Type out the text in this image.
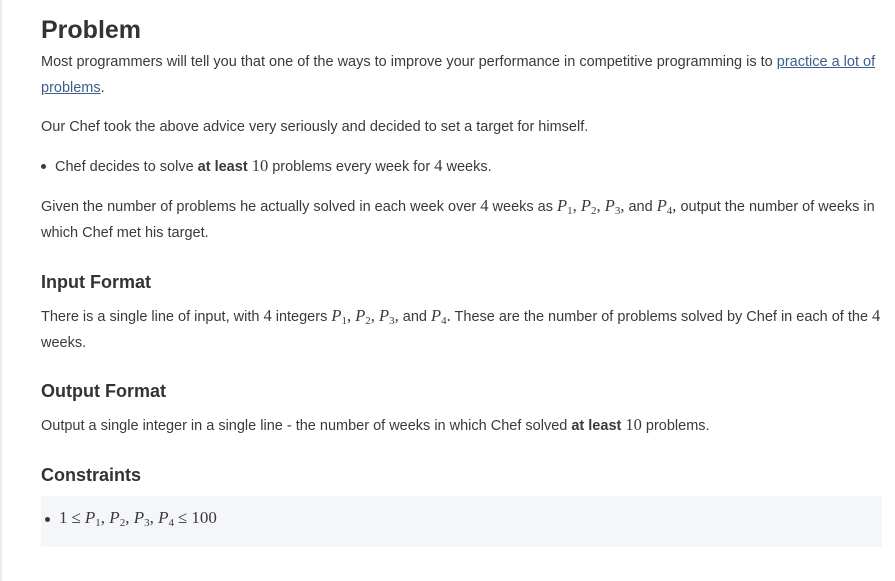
Problem

Most programmers will tell you that one of the ways to improve your performance in competitive programming is to practice a lot of problems.

Our Chef took the above advice very seriously and decided to set a target for himself.

Chef decides to solve at least 10 problems every week for 4 weeks.

Given the number of problems he actually solved in each week over 4 weeks as $P_1$, $P_2$, $P_3$, and $P_4$, output the number of weeks in which Chef met his target.

Input Format

There is a single line of input, with 4 integers $P_1$, $P_2$, $P_3$, and $P_4$. These are the number of problems solved by Chef in each of the 4 weeks.

Output Format

Output a single integer in a single line - the number of weeks in which Chef solved at least 10 problems.

Constraints
$1 \le P_1$, $P_2$, $P_3$, $P_4 \le 100$
